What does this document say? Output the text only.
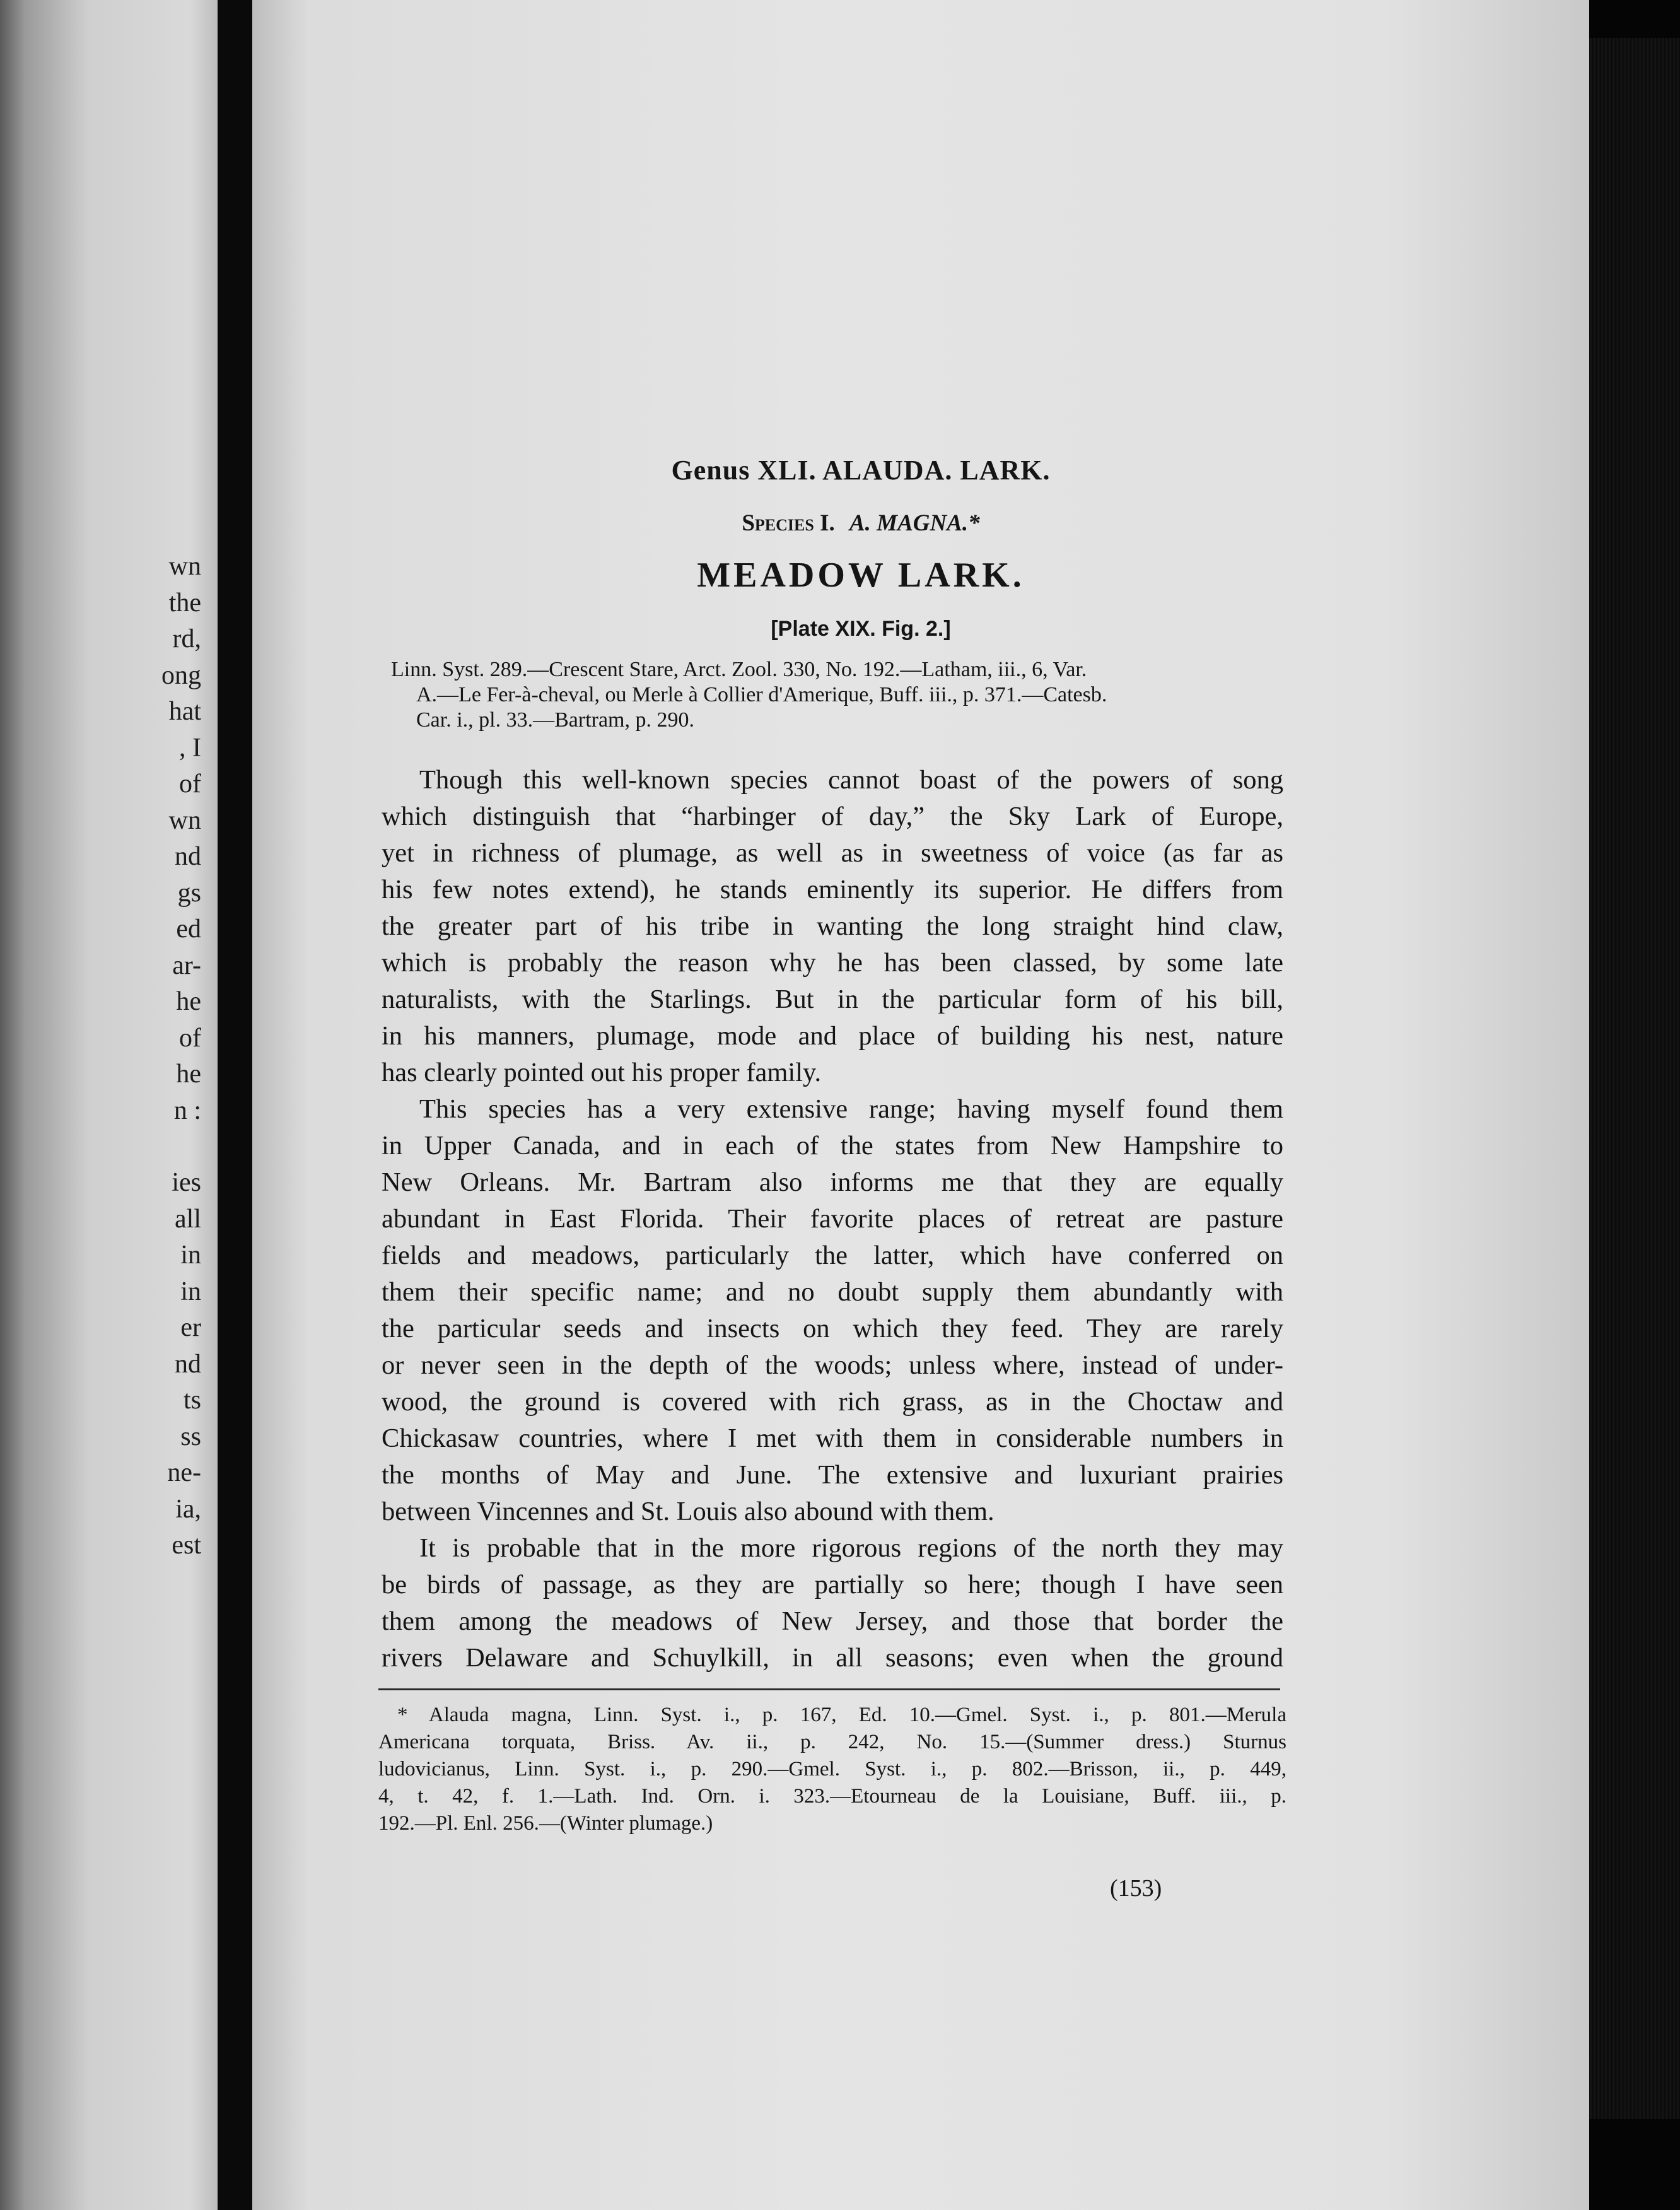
wn
the
rd,
ong
hat
, I
of
wn
nd
gs
ed
ar-
he
of
he
n :
ies
all
in
in
er
nd
ts
ss
ne-
ia,
est
Genus XLI. ALAUDA. LARK.
Species I. A. MAGNA.*
MEADOW LARK.
[Plate XIX. Fig. 2.]
Linn. Syst. 289.—Crescent Stare, Arct. Zool. 330, No. 192.—Latham, iii., 6, Var.
A.—Le Fer-à-cheval, ou Merle à Collier d'Amerique, Buff. iii., p. 371.—Catesb.
Car. i., pl. 33.—Bartram, p. 290.
Though this well-known species cannot boast of the powers of song
which distinguish that “harbinger of day,” the Sky Lark of Europe,
yet in richness of plumage, as well as in sweetness of voice (as far as
his few notes extend), he stands eminently its superior. He differs from
the greater part of his tribe in wanting the long straight hind claw,
which is probably the reason why he has been classed, by some late
naturalists, with the Starlings. But in the particular form of his bill,
in his manners, plumage, mode and place of building his nest, nature
has clearly pointed out his proper family.
This species has a very extensive range; having myself found them
in Upper Canada, and in each of the states from New Hampshire to
New Orleans. Mr. Bartram also informs me that they are equally
abundant in East Florida. Their favorite places of retreat are pasture
fields and meadows, particularly the latter, which have conferred on
them their specific name; and no doubt supply them abundantly with
the particular seeds and insects on which they feed. They are rarely
or never seen in the depth of the woods; unless where, instead of under-
wood, the ground is covered with rich grass, as in the Choctaw and
Chickasaw countries, where I met with them in considerable numbers in
the months of May and June. The extensive and luxuriant prairies
between Vincennes and St. Louis also abound with them.
It is probable that in the more rigorous regions of the north they may
be birds of passage, as they are partially so here; though I have seen
them among the meadows of New Jersey, and those that border the
rivers Delaware and Schuylkill, in all seasons; even when the ground
* Alauda magna, Linn. Syst. i., p. 167, Ed. 10.—Gmel. Syst. i., p. 801.—Merula
Americana torquata, Briss. Av. ii., p. 242, No. 15.—(Summer dress.) Sturnus
ludovicianus, Linn. Syst. i., p. 290.—Gmel. Syst. i., p. 802.—Brisson, ii., p. 449,
4, t. 42, f. 1.—Lath. Ind. Orn. i. 323.—Etourneau de la Louisiane, Buff. iii., p.
192.—Pl. Enl. 256.—(Winter plumage.)
(153)
